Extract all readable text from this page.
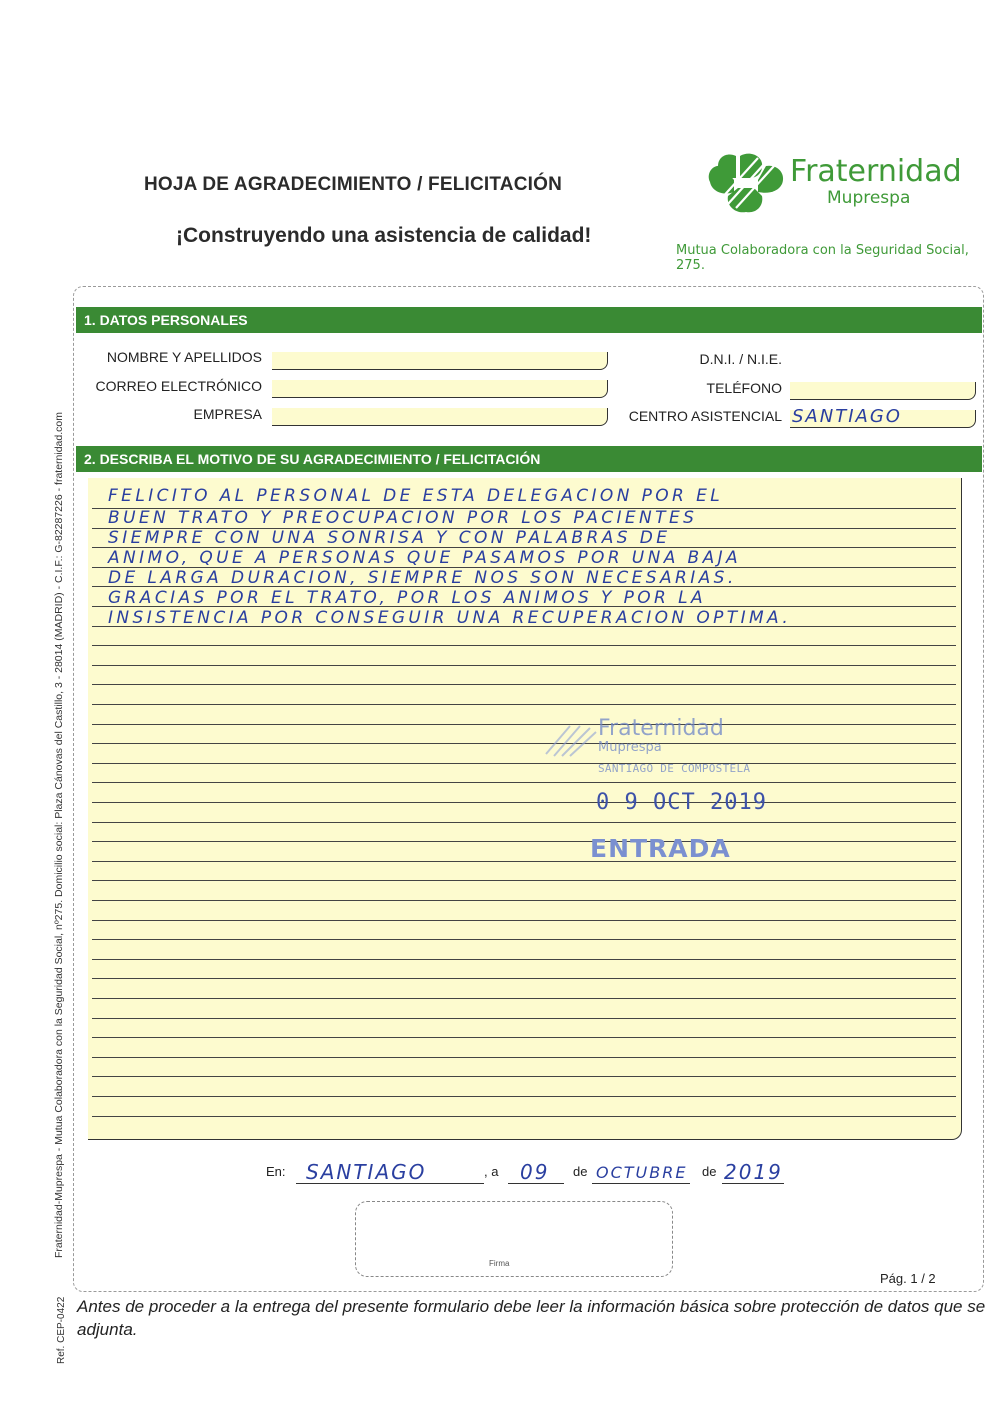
HOJA DE AGRADECIMIENTO / FELICITACIÓN
¡Construyendo una asistencia de calidad!
Fraternidad
Muprespa
Mutua Colaboradora con la Seguridad Social, 275.
Fraternidad-Muprespa - Mutua Colaboradora con la Seguridad Social, nº275. Domicilio social: Plaza Cánovas del Castillo, 3 - 28014 (MADRID) - C.I.F.: G-82287226 - fraternidad.com
Ref. CEP-0422
1. DATOS PERSONALES
NOMBRE Y APELLIDOS
CORREO ELECTRÓNICO
EMPRESA
D.N.I. / N.I.E.
TELÉFONO
CENTRO ASISTENCIAL SANTIAGO
2. DESCRIBA EL MOTIVO DE SU AGRADECIMIENTO / FELICITACIÓN
FELICITO AL PERSONAL DE ESTA DELEGACION POR EL
BUEN TRATO Y PREOCUPACION POR LOS PACIENTES
SIEMPRE CON UNA SONRISA Y CON PALABRAS DE
ANIMO, QUE A PERSONAS QUE PASAMOS POR UNA BAJA
DE LARGA DURACION, SIEMPRE NOS SON NECESARIAS.
GRACIAS POR EL TRATO, POR LOS ANIMOS Y POR LA
INSISTENCIA POR CONSEGUIR UNA RECUPERACION OPTIMA.
Fraternidad
Muprespa
SANTIAGO DE COMPOSTELA
0 9 OCT 2019
ENTRADA
En: SANTIAGO	, a 09 de OCTUBRE de 2019
Firma
Pág. 1 / 2
Antes de proceder a la entrega del presente formulario debe leer la información básica sobre protección de datos que se adjunta.
